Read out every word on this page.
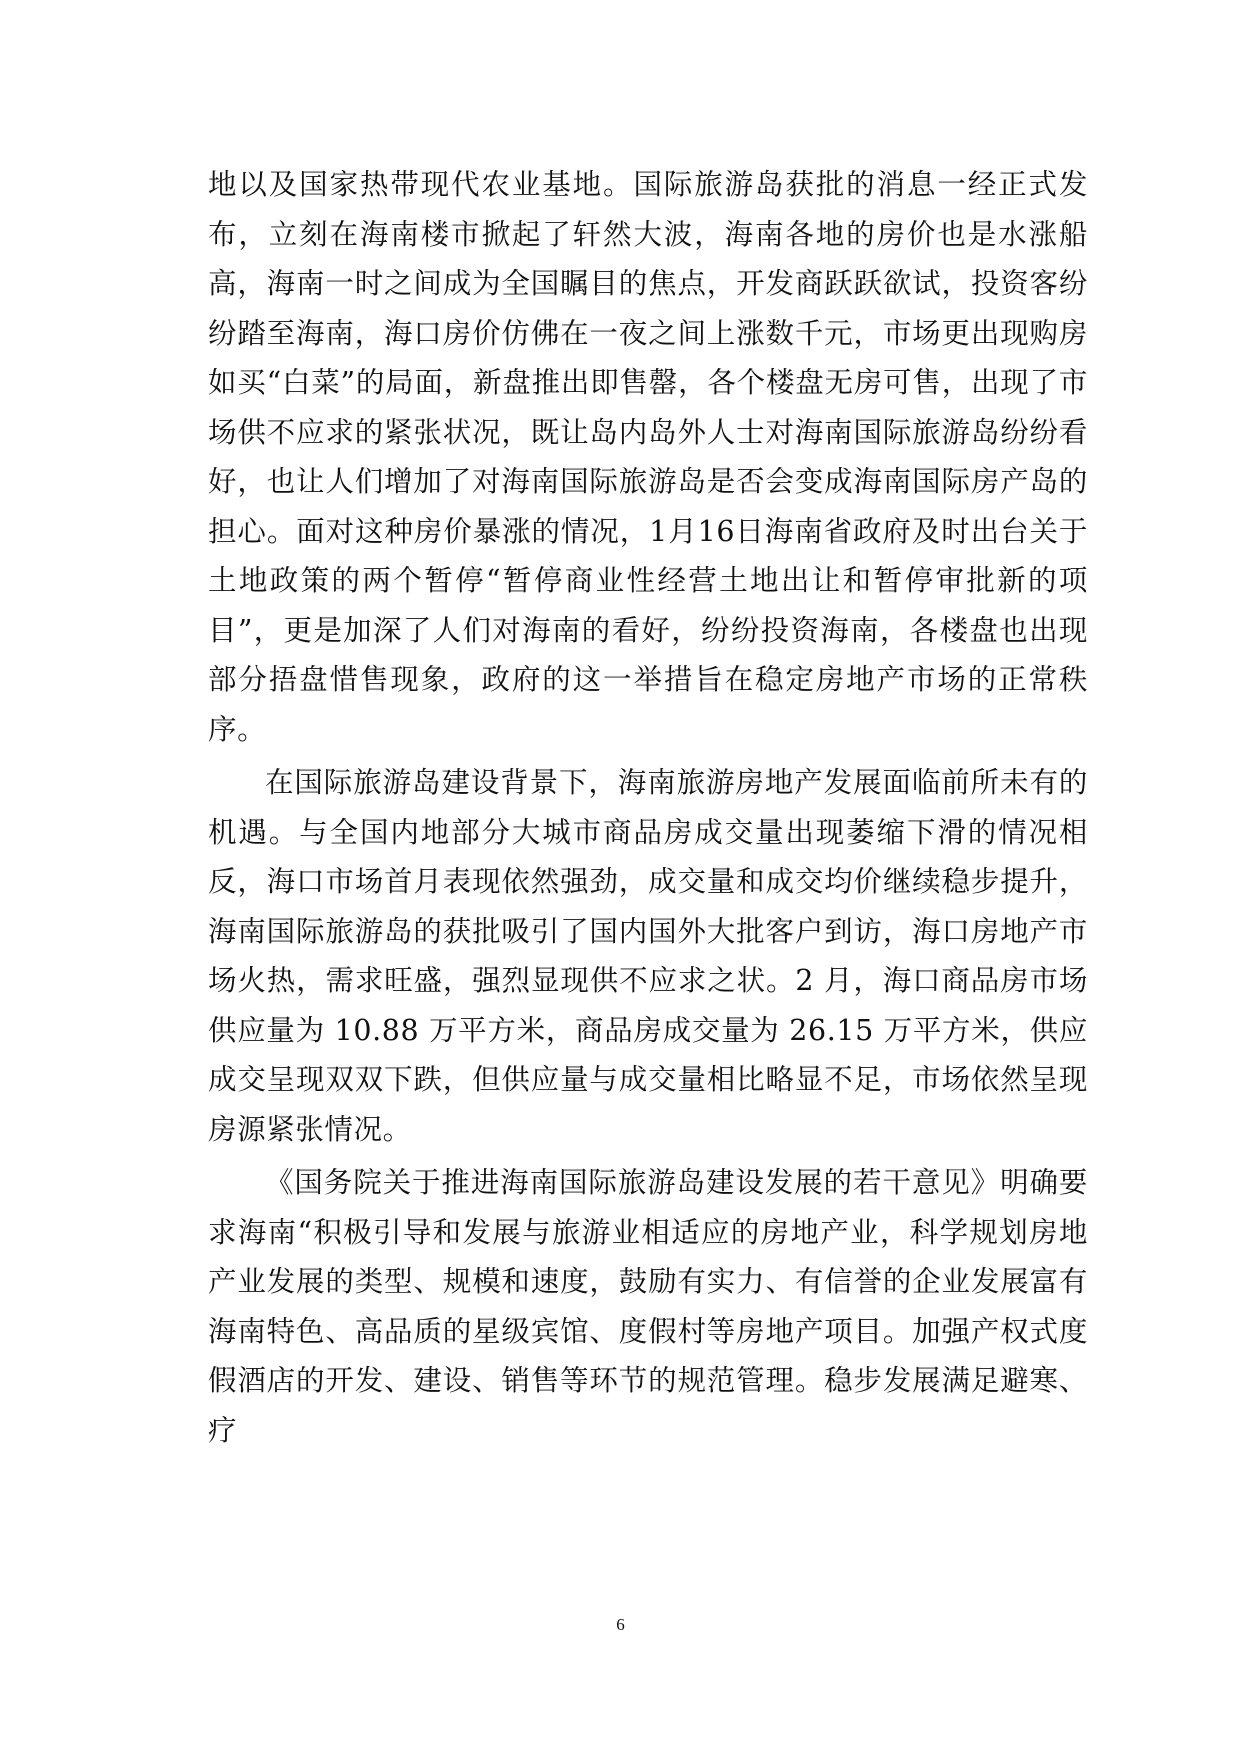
地以及国家热带现代农业基地。国际旅游岛获批的消息一经正式发布，立刻在海南楼市掀起了轩然大波，海南各地的房价也是水涨船高，海南一时之间成为全国瞩目的焦点，开发商跃跃欲试，投资客纷纷踏至海南，海口房价仿佛在一夜之间上涨数千元，市场更出现购房如买“白菜”的局面，新盘推出即售罄，各个楼盘无房可售，出现了市场供不应求的紧张状况，既让岛内岛外人士对海南国际旅游岛纷纷看好，也让人们增加了对海南国际旅游岛是否会变成海南国际房产岛的担心。面对这种房价暴涨的情况，1月16日海南省政府及时出台关于土地政策的两个暂停“暂停商业性经营土地出让和暂停审批新的项目”，更是加深了人们对海南的看好，纷纷投资海南，各楼盘也出现部分捂盘惜售现象，政府的这一举措旨在稳定房地产市场的正常秩序。

在国际旅游岛建设背景下，海南旅游房地产发展面临前所未有的机遇。与全国内地部分大城市商品房成交量出现萎缩下滑的情况相反，海口市场首月表现依然强劲，成交量和成交均价继续稳步提升，海南国际旅游岛的获批吸引了国内国外大批客户到访，海口房地产市场火热，需求旺盛，强烈显现供不应求之状。2 月，海口商品房市场供应量为 10.88 万平方米，商品房成交量为 26.15 万平方米，供应成交呈现双双下跌，但供应量与成交量相比略显不足，市场依然呈现房源紧张情况。

《国务院关于推进海南国际旅游岛建设发展的若干意见》明确要求海南“积极引导和发展与旅游业相适应的房地产业，科学规划房地产业发展的类型、规模和速度，鼓励有实力、有信誉的企业发展富有海南特色、高品质的星级宾馆、度假村等房地产项目。加强产权式度假酒店的开发、建设、销售等环节的规范管理。稳步发展满足避寒、疗

6
